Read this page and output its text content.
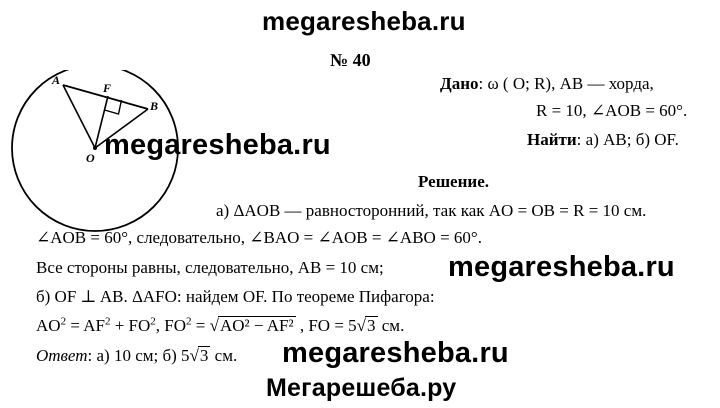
megaresheba.ru
№ 40
A
B
F
O megaresheba.ru
Дано: ω ( O; R), AB — хорда,
R = 10, ∠AOB = 60°.
Найти: а) AB; б) OF.
Решение.
а) ΔAOB — равносторонний, так как AO = OB = R = 10 см.
∠AOB = 60°, следовательно, ∠BAO = ∠AOB = ∠ABO = 60°.
Все стороны равны, следовательно, AB = 10 см; megaresheba.ru
б) OF ⊥ AB. ΔAFO: найдем OF. По теореме Пифагора:
$AO^2 = AF^2 + FO^2$, $FO^2 = √AO^2 - AF^2$ , FO = 5√3 см.
Ответ: а) 10 см; б) 5√3 см. megaresheba.ru
Мегарешеба.ру
